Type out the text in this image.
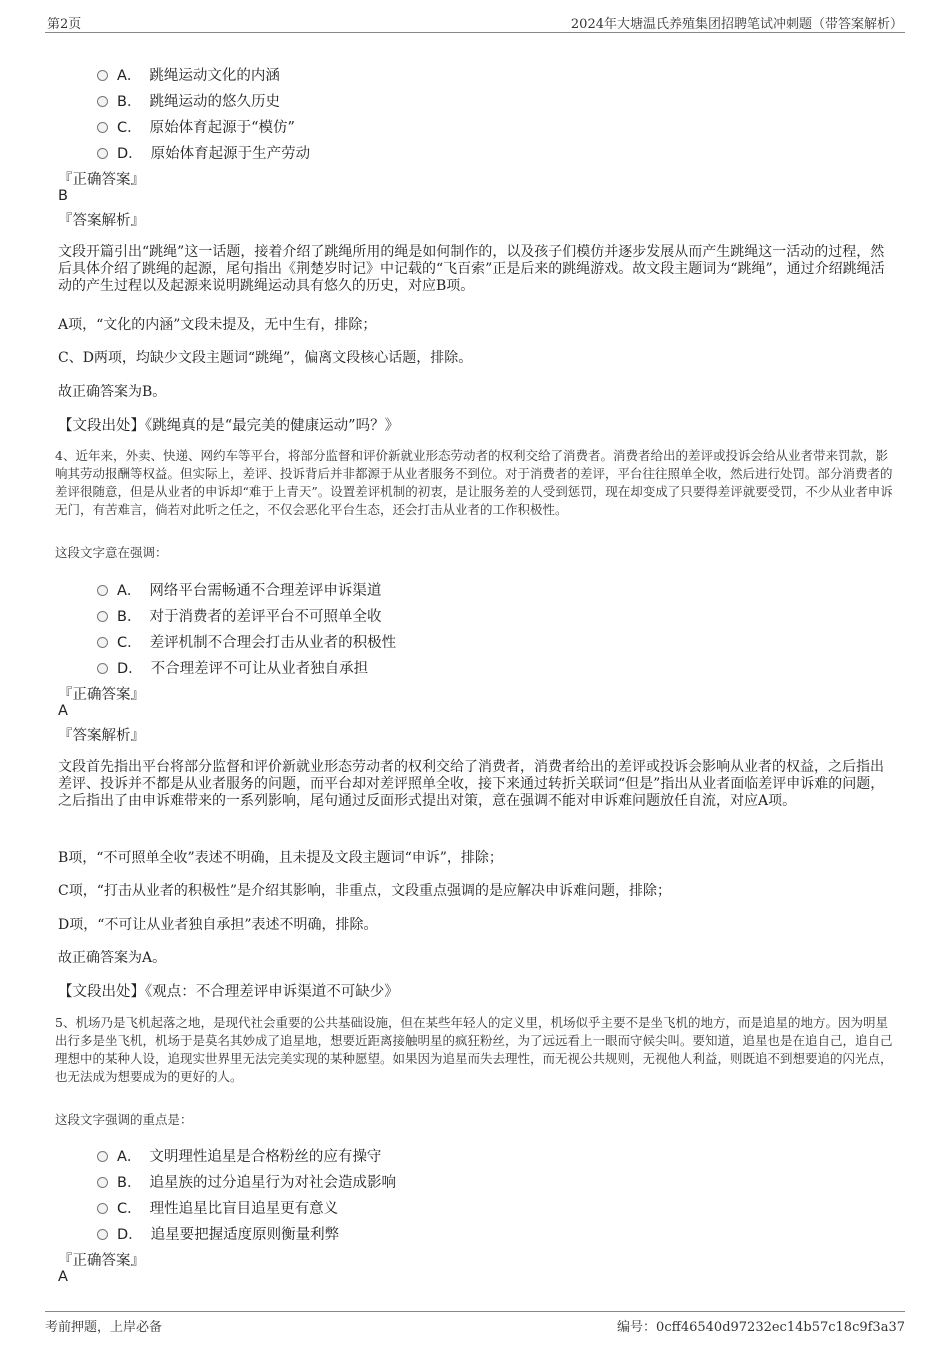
第2页	2024年大塘温氏养殖集团招聘笔试冲刺题（带答案解析）
A． 跳绳运动文化的内涵
B． 跳绳运动的悠久历史
C． 原始体育起源于“模仿”
D． 原始体育起源于生产劳动
『正确答案』
B
『答案解析』
文段开篇引出“跳绳”这一话题，接着介绍了跳绳所用的绳是如何制作的，以及孩子们模仿并逐步发展从而产生跳绳这一活动的过程，然后具体介绍了跳绳的起源，尾句指出《荆楚岁时记》中记载的“飞百索”正是后来的跳绳游戏。故文段主题词为“跳绳”，通过介绍跳绳活动的产生过程以及起源来说明跳绳运动具有悠久的历史，对应B项。
A项，“文化的内涵”文段未提及，无中生有，排除；
C、D两项，均缺少文段主题词“跳绳”，偏离文段核心话题，排除。
故正确答案为B。
【文段出处】《跳绳真的是“最完美的健康运动”吗？》
4、近年来，外卖、快递、网约车等平台，将部分监督和评价新就业形态劳动者的权利交给了消费者。消费者给出的差评或投诉会给从业者带来罚款，影响其劳动报酬等权益。但实际上，差评、投诉背后并非都源于从业者服务不到位。对于消费者的差评，平台往往照单全收，然后进行处罚。部分消费者的差评很随意，但是从业者的申诉却“难于上青天”。设置差评机制的初衷，是让服务差的人受到惩罚，现在却变成了只要得差评就要受罚，不少从业者申诉无门，有苦难言，倘若对此听之任之，不仅会恶化平台生态，还会打击从业者的工作积极性。
这段文字意在强调：
A． 网络平台需畅通不合理差评申诉渠道
B． 对于消费者的差评平台不可照单全收
C． 差评机制不合理会打击从业者的积极性
D． 不合理差评不可让从业者独自承担
『正确答案』
A
『答案解析』
文段首先指出平台将部分监督和评价新就业形态劳动者的权利交给了消费者，消费者给出的差评或投诉会影响从业者的权益，之后指出差评、投诉并不都是从业者服务的问题，而平台却对差评照单全收，接下来通过转折关联词“但是”指出从业者面临差评申诉难的问题，之后指出了由申诉难带来的一系列影响，尾句通过反面形式提出对策，意在强调不能对申诉难问题放任自流，对应A项。
B项，“不可照单全收”表述不明确，且未提及文段主题词“申诉”，排除；
C项，“打击从业者的积极性”是介绍其影响，非重点，文段重点强调的是应解决申诉难问题，排除；
D项，“不可让从业者独自承担”表述不明确，排除。
故正确答案为A。
【文段出处】《观点：不合理差评申诉渠道不可缺少》
5、机场乃是飞机起落之地，是现代社会重要的公共基础设施，但在某些年轻人的定义里，机场似乎主要不是坐飞机的地方，而是追星的地方。因为明星出行多是坐飞机，机场于是莫名其妙成了追星地，想要近距离接触明星的疯狂粉丝，为了远远看上一眼而守候尖叫。要知道，追星也是在追自己，追自己理想中的某种人设，追现实世界里无法完美实现的某种愿望。如果因为追星而失去理性，而无视公共规则，无视他人利益，则既追不到想要追的闪光点，也无法成为想要成为的更好的人。
这段文字强调的重点是：
A． 文明理性追星是合格粉丝的应有操守
B． 追星族的过分追星行为对社会造成影响
C． 理性追星比盲目追星更有意义
D． 追星要把握适度原则衡量利弊
『正确答案』
A
考前押题，上岸必备	编号：0cff46540d97232ec14b57c18c9f3a37
